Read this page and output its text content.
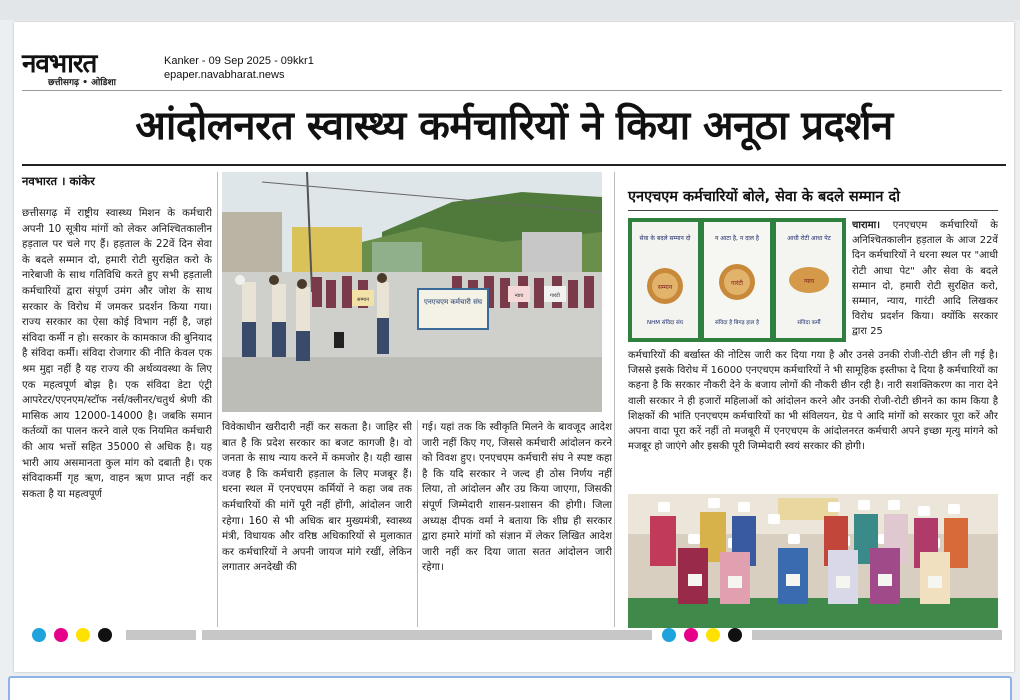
नवभारत
छत्तीसगढ़ • ओडिशा
Kanker - 09 Sep 2025 - 09kkr1
epaper.navabharat.news
आंदोलनरत स्वास्थ्य कर्मचारियों ने किया अनूठा प्रदर्शन
नवभारत । कांकेर
छत्तीसगढ़ में राष्ट्रीय स्वास्थ्य मिशन के कर्मचारी अपनी 10 सूत्रीय मांगों को लेकर अनिश्चितकालीन हड़ताल पर चले गए हैं। हड़ताल के 22वें दिन सेवा के बदले सम्मान दो, हमारी रोटी सुरक्षित करो के नारेबाजी के साथ गतिविधि करते हुए सभी हड़ताली कर्मचारियों द्वारा संपूर्ण उमंग और जोश के साथ सरकार के विरोध में जमकर प्रदर्शन किया गया। राज्य सरकार का ऐसा कोई विभाग नहीं है, जहां संविदा कर्मी न हो। सरकार के कामकाज की बुनियाद है संविदा कर्मी। संविदा रोजगार की नीति केवल एक श्रम मुद्दा नहीं है यह राज्य की अर्थव्यवस्था के लिए एक महत्वपूर्ण बोझ है। एक संविदा डेटा एंट्री आपरेटर/एएनएम/स्टॉफ नर्स/क्लीनर/चतुर्थ श्रेणी की मासिक आय 12000-14000 है। जबकि समान कर्तव्यों का पालन करने वाले एक नियमित कर्मचारी की आय भत्तों सहित 35000 से अधिक है। यह भारी आय असमानता कुल मांग को दबाती है। एक संविदाकर्मी गृह ऋण, वाहन ऋण प्राप्त नहीं कर सकता है या महत्वपूर्ण
एनएचएम कर्मचारी संघ
सम्मान
न्याय	गारंटी
विवेकाधीन खरीदारी नहीं कर सकता है। जाहिर सी बात है कि प्रदेश सरकार का बजट कागजी है। वो जनता के साथ न्याय करने में कमजोर है। यही खास वजह है कि कर्मचारी हड़ताल के लिए मजबूर हैं। धरना स्थल में एनएचएम कर्मियों ने कहा जब तक कर्मचारियों की मांगें पूरी नहीं होंगी, आंदोलन जारी रहेगा। 160 से भी अधिक बार मुख्यमंत्री, स्वास्थ्य मंत्री, विधायक और वरिष्ठ अधिकारियों से मुलाकात कर कर्मचारियों ने अपनी जायज मांगे रखीं, लेकिन लगातार अनदेखी की
गई। यहां तक कि स्वीकृति मिलने के बावजूद आदेश जारी नहीं किए गए, जिससे कर्मचारी आंदोलन करने को विवश हुए। एनएचएम कर्मचारी संघ ने स्पष्ट कहा है कि यदि सरकार ने जल्द ही ठोस निर्णय नहीं लिया, तो आंदोलन और उग्र किया जाएगा, जिसकी संपूर्ण जिम्मेदारी शासन-प्रशासन की होगी। जिला अध्यक्ष दीपक वर्मा ने बताया कि शीघ्र ही सरकार द्वारा हमारे मांगों को संज्ञान में लेकर लिखित आदेश जारी नहीं कर दिया जाता सतत आंदोलन जारी रहेगा।
एनएचएम कर्मचारियों बोले, सेवा के बदले सम्मान दो
सेवा के बदले सम्मान दो	न आटा है, न दाल है	आधी रोटी आधा पेट
सम्मान
गारंटी	न्याय
NHM संविदा संघ	संविदा है बिगड़ हाल है	संविदा कर्मी
चारामा। एनएचएम कर्मचारियों के अनिश्चितकालीन हड़ताल के आज 22वें दिन कर्मचारियों ने धरना स्थल पर "आधी रोटी आधा पेट" और सेवा के बदले सम्मान दो, हमारी रोटी सुरक्षित करो, सम्मान, न्याय, गारंटी आदि लिखकर विरोध प्रदर्शन किया। क्योंकि सरकार द्वारा 25
कर्मचारियों की बर्खास्त की नोटिस जारी कर दिया गया है और उनसे उनकी रोजी-रोटी छीन ली गई है। जिससे इसके विरोध में 16000 एनएचएम कर्मचारियों ने भी सामूहिक इस्तीफा दे दिया है कर्मचारियों का कहना है कि सरकार नौकरी देने के बजाय लोगों की नौकरी छीन रही है। नारी सशक्तिकरण का नारा देने वाली सरकार ने ही हजारों महिलाओं को आंदोलन करने और उनकी रोजी-रोटी छीनने का काम किया है शिक्षकों की भांति एनएचएम कर्मचारियों का भी संविलयन, ग्रेड पे आदि मांगों को सरकार पूरा करें और अपना वादा पूरा करें नहीं तो मजबूरी में एनएचएम के आंदोलनरत कर्मचारी अपने इच्छा मृत्यु मांगने को मजबूर हो जाएंगे और इसकी पूरी जिम्मेदारी स्वयं सरकार की होगी।
